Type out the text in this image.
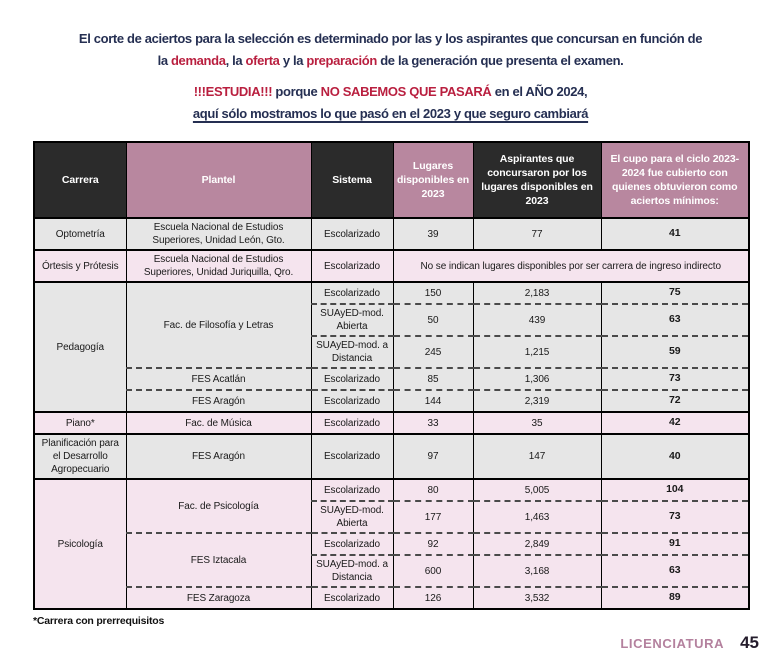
El corte de aciertos para la selección es determinado por las y los aspirantes que concursan en función de

la demanda, la oferta y la preparación de la generación que presenta el examen.

!!!ESTUDIA!!! porque NO SABEMOS QUE PASARÁ en el AÑO 2024,

aquí sólo mostramos lo que pasó en el 2023 y que seguro cambiará

Carrera	Plantel	Sistema	Lugares disponibles en 2023	Aspirantes que concursaron por los lugares disponibles en 2023	El cupo para el ciclo 2023-2024 fue cubierto con quienes obtuvieron como aciertos mínimos:
Optometría	Escuela Nacional de Estudios Superiores, Unidad León, Gto.	Escolarizado	39	77	41
Órtesis y Prótesis	Escuela Nacional de Estudios Superiores, Unidad Juriquilla, Qro.	Escolarizado	No se indican lugares disponibles por ser carrera de ingreso indirecto		
Pedagogía	Fac. de Filosofía y Letras	Escolarizado	150	2,183	75
		SUAyED-mod. Abierta	50	439	63
		SUAyED-mod. a Distancia	245	1,215	59
	FES Acatlán	Escolarizado	85	1,306	73
	FES Aragón	Escolarizado	144	2,319	72
Piano*	Fac. de Música	Escolarizado	33	35	42
Planificación para el Desarrollo Agropecuario	FES Aragón	Escolarizado	97	147	40
Psicología	Fac. de Psicología	Escolarizado	80	5,005	104
		SUAyED-mod. Abierta	177	1,463	73
	FES Iztacala	Escolarizado	92	2,849	91
		SUAyED-mod. a Distancia	600	3,168	63
	FES Zaragoza	Escolarizado	126	3,532	89
*Carrera con prerrequisitos
LICENCIATURA 45
